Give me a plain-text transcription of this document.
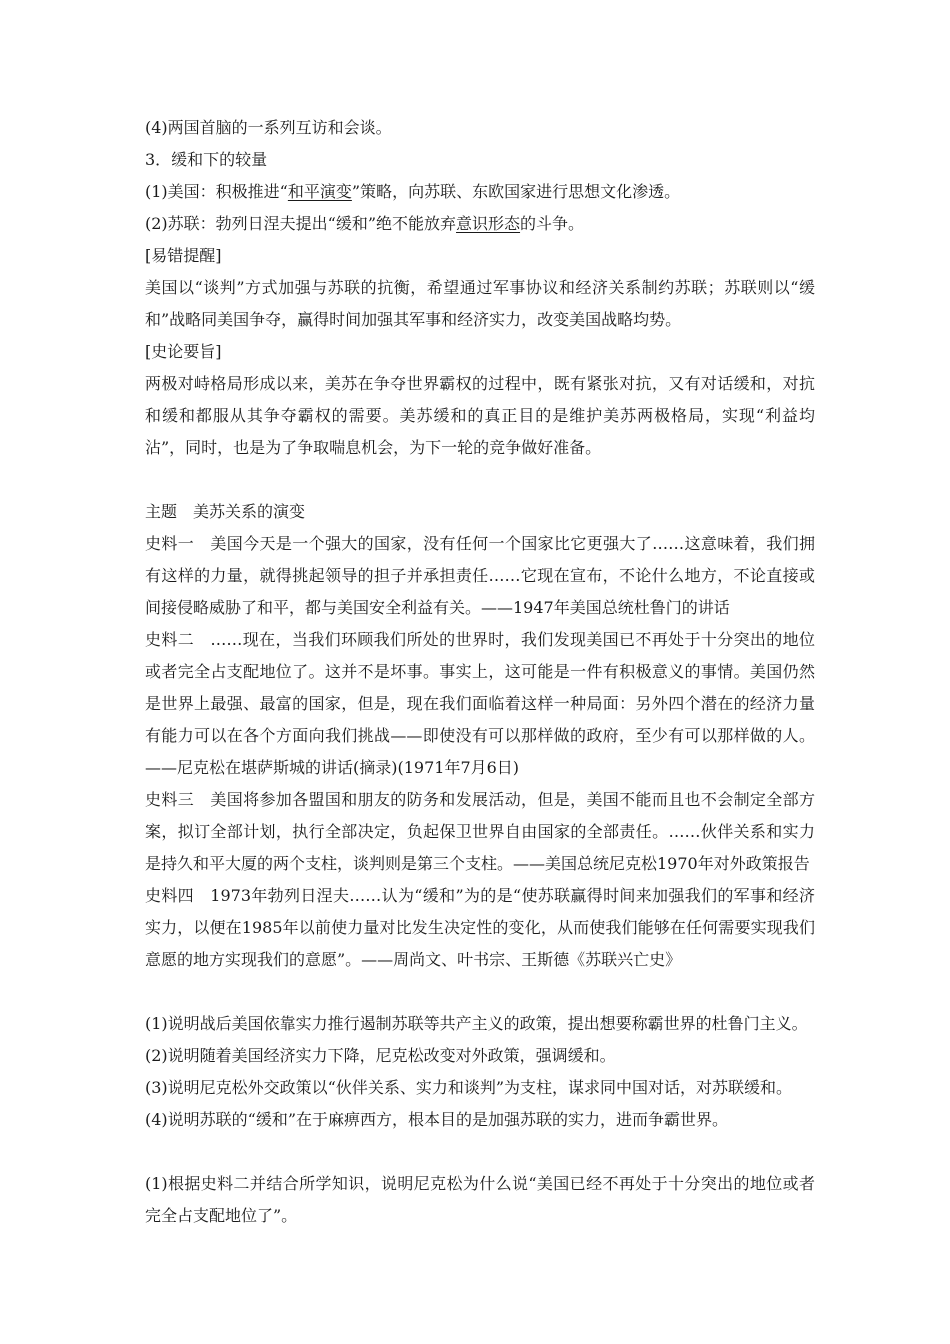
(4)两国首脑的一系列互访和会谈。
3．缓和下的较量
(1)美国：积极推进“和平演变”策略，向苏联、东欧国家进行思想文化渗透。
(2)苏联：勃列日涅夫提出“缓和”绝不能放弃意识形态的斗争。
[易错提醒]
美国以“谈判”方式加强与苏联的抗衡，希望通过军事协议和经济关系制约苏联；苏联则以“缓和”战略同美国争夺，赢得时间加强其军事和经济实力，改变美国战略均势。
[史论要旨]
两极对峙格局形成以来，美苏在争夺世界霸权的过程中，既有紧张对抗，又有对话缓和，对抗和缓和都服从其争夺霸权的需要。美苏缓和的真正目的是维护美苏两极格局，实现“利益均沾”，同时，也是为了争取喘息机会，为下一轮的竞争做好准备。
主题　美苏关系的演变
史料一　美国今天是一个强大的国家，没有任何一个国家比它更强大了……这意味着，我们拥有这样的力量，就得挑起领导的担子并承担责任……它现在宣布，不论什么地方，不论直接或间接侵略威胁了和平，都与美国安全利益有关。——1947年美国总统杜鲁门的讲话
史料二　……现在，当我们环顾我们所处的世界时，我们发现美国已不再处于十分突出的地位或者完全占支配地位了。这并不是坏事。事实上，这可能是一件有积极意义的事情。美国仍然是世界上最强、最富的国家，但是，现在我们面临着这样一种局面：另外四个潜在的经济力量有能力可以在各个方面向我们挑战——即使没有可以那样做的政府，至少有可以那样做的人。——尼克松在堪萨斯城的讲话(摘录)(1971年7月6日)
史料三　美国将参加各盟国和朋友的防务和发展活动，但是，美国不能而且也不会制定全部方案，拟订全部计划，执行全部决定，负起保卫世界自由国家的全部责任。……伙伴关系和实力是持久和平大厦的两个支柱，谈判则是第三个支柱。——美国总统尼克松1970年对外政策报告
史料四　1973年勃列日涅夫……认为“缓和”为的是“使苏联赢得时间来加强我们的军事和经济实力，以便在1985年以前使力量对比发生决定性的变化，从而使我们能够在任何需要实现我们意愿的地方实现我们的意愿”。——周尚文、叶书宗、王斯德《苏联兴亡史》
(1)说明战后美国依靠实力推行遏制苏联等共产主义的政策，提出想要称霸世界的杜鲁门主义。
(2)说明随着美国经济实力下降，尼克松改变对外政策，强调缓和。
(3)说明尼克松外交政策以“伙伴关系、实力和谈判”为支柱，谋求同中国对话，对苏联缓和。
(4)说明苏联的“缓和”在于麻痹西方，根本目的是加强苏联的实力，进而争霸世界。
(1)根据史料二并结合所学知识，说明尼克松为什么说“美国已经不再处于十分突出的地位或者完全占支配地位了”。
